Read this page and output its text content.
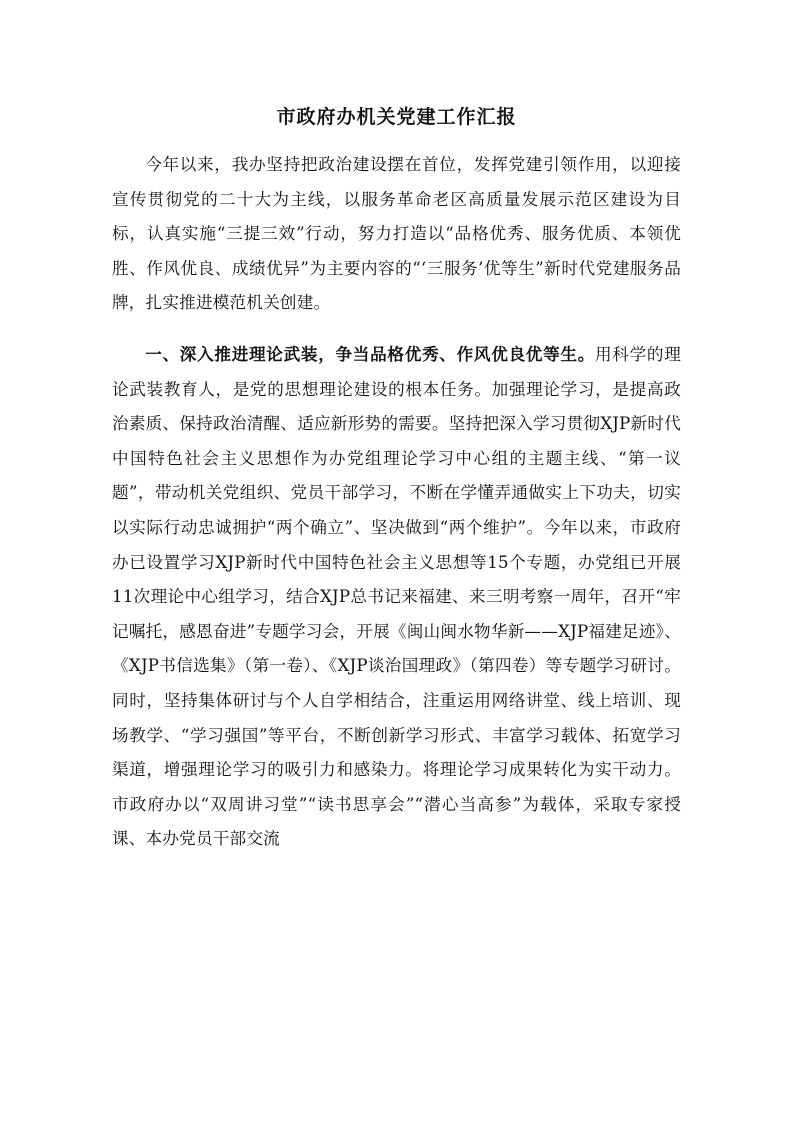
市政府办机关党建工作汇报

今年以来，我办坚持把政治建设摆在首位，发挥党建引领作用，以迎接宣传贯彻党的二十大为主线，以服务革命老区高质量发展示范区建设为目标，认真实施“三提三效”行动，努力打造以“品格优秀、服务优质、本领优胜、作风优良、成绩优异”为主要内容的“‘三服务’优等生”新时代党建服务品牌，扎实推进模范机关创建。

一、深入推进理论武装，争当品格优秀、作风优良优等生。用科学的理论武装教育人，是党的思想理论建设的根本任务。加强理论学习，是提高政治素质、保持政治清醒、适应新形势的需要。坚持把深入学习贯彻XJP新时代中国特色社会主义思想作为办党组理论学习中心组的主题主线、“第一议题”，带动机关党组织、党员干部学习，不断在学懂弄通做实上下功夫，切实以实际行动忠诚拥护“两个确立”、坚决做到“两个维护”。今年以来，市政府办已设置学习XJP新时代中国特色社会主义思想等15个专题，办党组已开展11次理论中心组学习，结合XJP总书记来福建、来三明考察一周年，召开“牢记嘱托，感恩奋进”专题学习会，开展《闽山闽水物华新——XJP福建足迹》、《XJP书信选集》（第一卷）、《XJP谈治国理政》（第四卷）等专题学习研讨。同时，坚持集体研讨与个人自学相结合，注重运用网络讲堂、线上培训、现场教学、“学习强国”等平台，不断创新学习形式、丰富学习载体、拓宽学习渠道，增强理论学习的吸引力和感染力。将理论学习成果转化为实干动力。市政府办以“双周讲习堂”“读书思享会”“潜心当高参”为载体，采取专家授课、本办党员干部交流
